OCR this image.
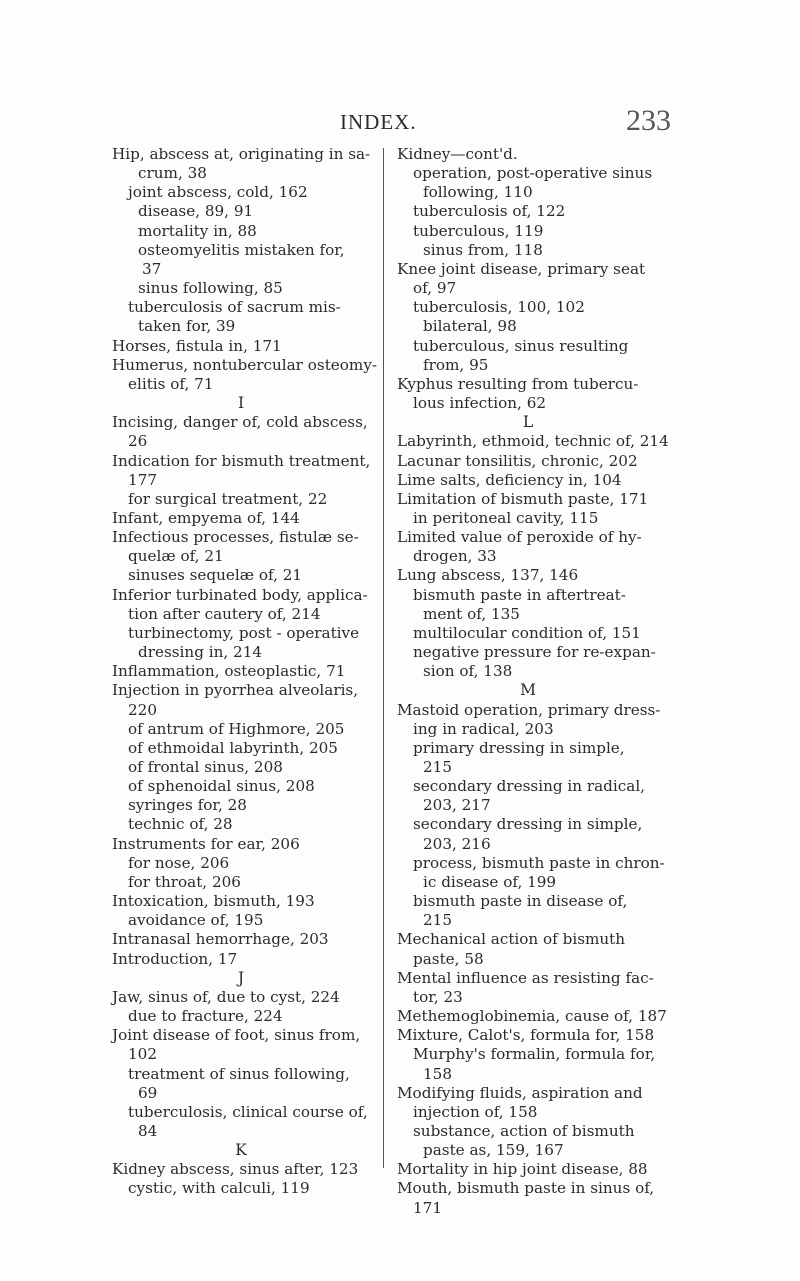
INDEX.	233
Hip, abscess at, originating in sa-
crum, 38
joint abscess, cold, 162
disease, 89, 91
mortality in, 88
osteomyelitis mistaken for,
37
sinus following, 85
tuberculosis of sacrum mis-
taken for, 39
Horses, fistula in, 171
Humerus, nontubercular osteomy-
elitis of, 71
I
Incising, danger of, cold abscess,
26
Indication for bismuth treatment,
177
for surgical treatment, 22
Infant, empyema of, 144
Infectious processes, fistulæ se-
quelæ of, 21
sinuses sequelæ of, 21
Inferior turbinated body, applica-
tion after cautery of, 214
turbinectomy, post - operative
dressing in, 214
Inflammation, osteoplastic, 71
Injection in pyorrhea alveolaris,
220
of antrum of Highmore, 205
of ethmoidal labyrinth, 205
of frontal sinus, 208
of sphenoidal sinus, 208
syringes for, 28
technic of, 28
Instruments for ear, 206
for nose, 206
for throat, 206
Intoxication, bismuth, 193
avoidance of, 195
Intranasal hemorrhage, 203
Introduction, 17
J
Jaw, sinus of, due to cyst, 224
due to fracture, 224
Joint disease of foot, sinus from,
102
treatment of sinus following,
69
tuberculosis, clinical course of,
84
K
Kidney abscess, sinus after, 123
cystic, with calculi, 119
Kidney—cont'd.
operation, post-operative sinus
following, 110
tuberculosis of, 122
tuberculous, 119
sinus from, 118
Knee joint disease, primary seat
of, 97
tuberculosis, 100, 102
bilateral, 98
tuberculous, sinus resulting
from, 95
Kyphus resulting from tubercu-
lous infection, 62
L
Labyrinth, ethmoid, technic of, 214
Lacunar tonsilitis, chronic, 202
Lime salts, deficiency in, 104
Limitation of bismuth paste, 171
in peritoneal cavity, 115
Limited value of peroxide of hy-
drogen, 33
Lung abscess, 137, 146
bismuth paste in aftertreat-
ment of, 135
multilocular condition of, 151
negative pressure for re-expan-
sion of, 138
M
Mastoid operation, primary dress-
ing in radical, 203
primary dressing in simple,
215
secondary dressing in radical,
203, 217
secondary dressing in simple,
203, 216
process, bismuth paste in chron-
ic disease of, 199
bismuth paste in disease of,
215
Mechanical action of bismuth
paste, 58
Mental influence as resisting fac-
tor, 23
Methemoglobinemia, cause of, 187
Mixture, Calot's, formula for, 158
Murphy's formalin, formula for,
158
Modifying fluids, aspiration and
injection of, 158
substance, action of bismuth
paste as, 159, 167
Mortality in hip joint disease, 88
Mouth, bismuth paste in sinus of,
171
